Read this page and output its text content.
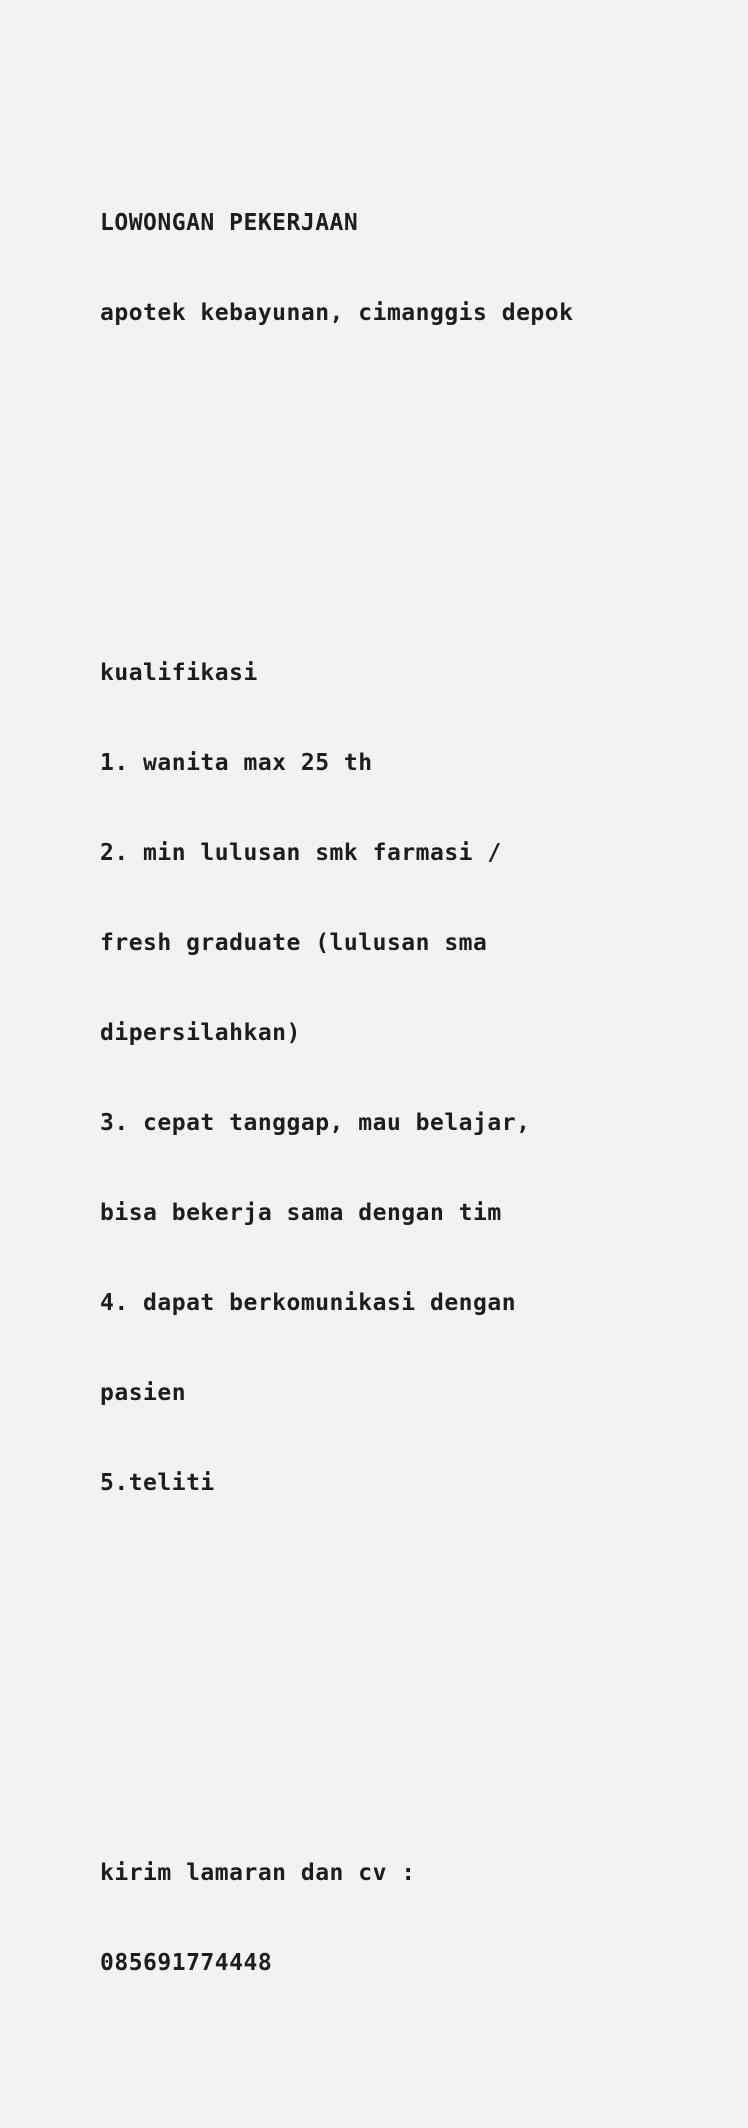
LOWONGAN PEKERJAAN

apotek kebayunan, cimanggis depok

kualifikasi

1. wanita max 25 th

2. min lulusan smk farmasi /

fresh graduate (lulusan sma

dipersilahkan)

3. cepat tanggap, mau belajar,

bisa bekerja sama dengan tim

4. dapat berkomunikasi dengan

pasien

5.teliti

kirim lamaran dan cv :

085691774448
